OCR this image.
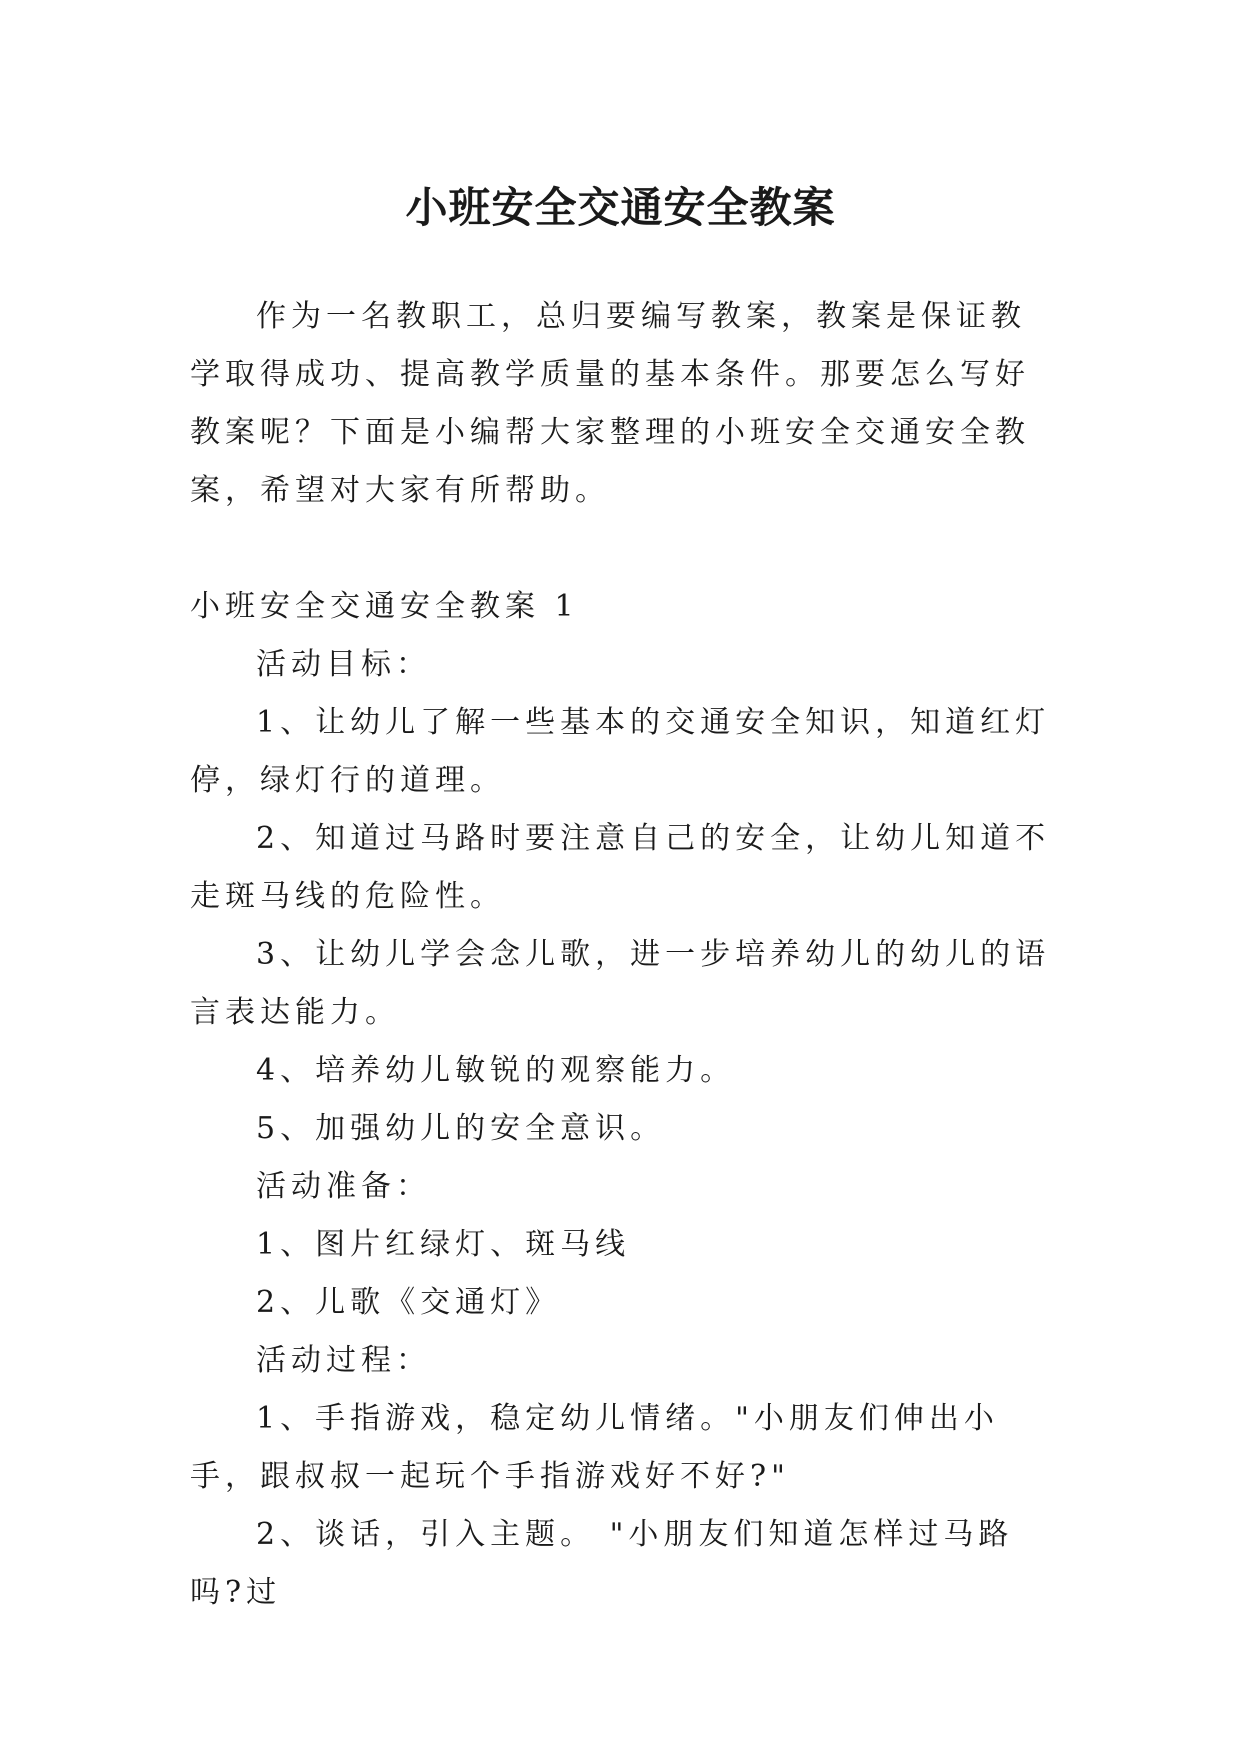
小班安全交通安全教案

作为一名教职工，总归要编写教案，教案是保证教学取得成功、提高教学质量的基本条件。那要怎么写好教案呢？下面是小编帮大家整理的小班安全交通安全教案，希望对大家有所帮助。

小班安全交通安全教案 1

活动目标：

1、让幼儿了解一些基本的交通安全知识，知道红灯停，绿灯行的道理。

2、知道过马路时要注意自己的安全，让幼儿知道不走斑马线的危险性。

3、让幼儿学会念儿歌，进一步培养幼儿的幼儿的语言表达能力。

4、培养幼儿敏锐的观察能力。

5、加强幼儿的安全意识。

活动准备：

1、图片红绿灯、斑马线

2、儿歌《交通灯》

活动过程：

1、手指游戏，稳定幼儿情绪。"小朋友们伸出小手，跟叔叔一起玩个手指游戏好不好?"

2、谈话，引入主题。 "小朋友们知道怎样过马路吗?过
